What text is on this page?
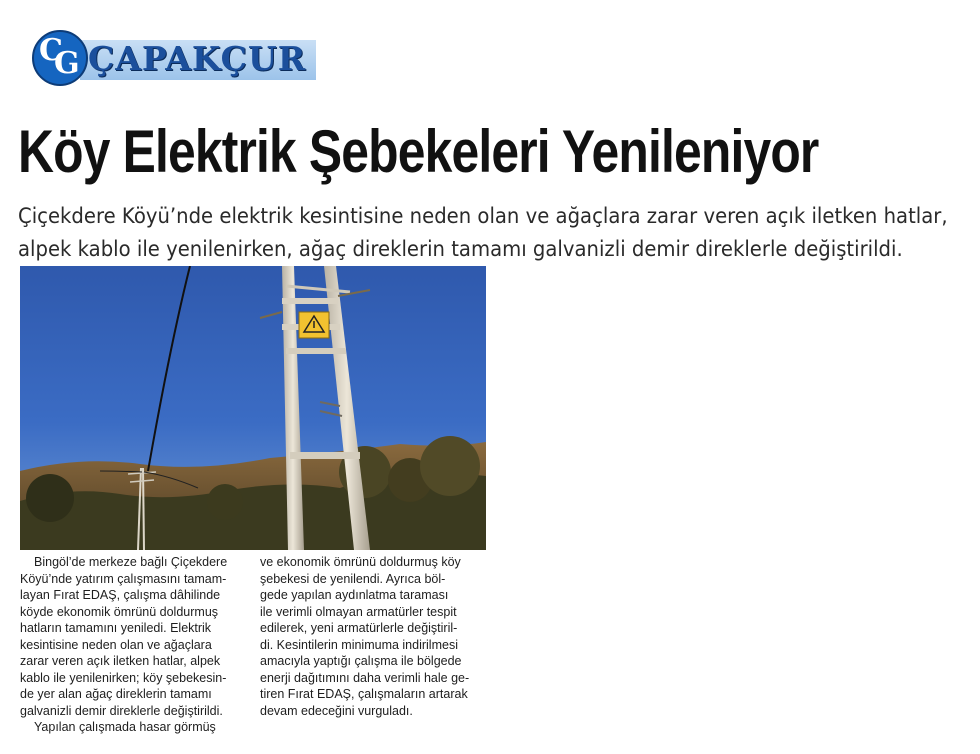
ÇAPAKÇUR
C
G
Köy Elektrik Şebekeleri Yenileniyor

Çiçekdere Köyü’nde elektrik kesintisine neden olan ve ağaçlara zarar veren açık iletken hatlar,
alpek kablo ile yenilenirken, ağaç direklerin tamamı galvanizli demir direklerle değiştirildi.

Bingöl’de merkeze bağlı Çiçekdere
Köyü’nde yatırım çalışmasını tamam-
layan Fırat EDAŞ, çalışma dâhilinde
köyde ekonomik ömrünü doldurmuş
hatların tamamını yeniledi. Elektrik
kesintisine neden olan ve ağaçlara
zarar veren açık iletken hatlar, alpek
kablo ile yenilenirken; köy şebekesin-
de yer alan ağaç direklerin tamamı
galvanizli demir direklerle değiştirildi.
Yapılan çalışmada hasar görmüş
ve ekonomik ömrünü doldurmuş köy
şebekesi de yenilendi. Ayrıca böl-
gede yapılan aydınlatma taraması
ile verimli olmayan armatürler tespit
edilerek, yeni armatürlerle değiştiril-
di. Kesintilerin minimuma indirilmesi
amacıyla yaptığı çalışma ile bölgede
enerji dağıtımını daha verimli hale ge-
tiren Fırat EDAŞ, çalışmaların artarak
devam edeceğini vurguladı.
